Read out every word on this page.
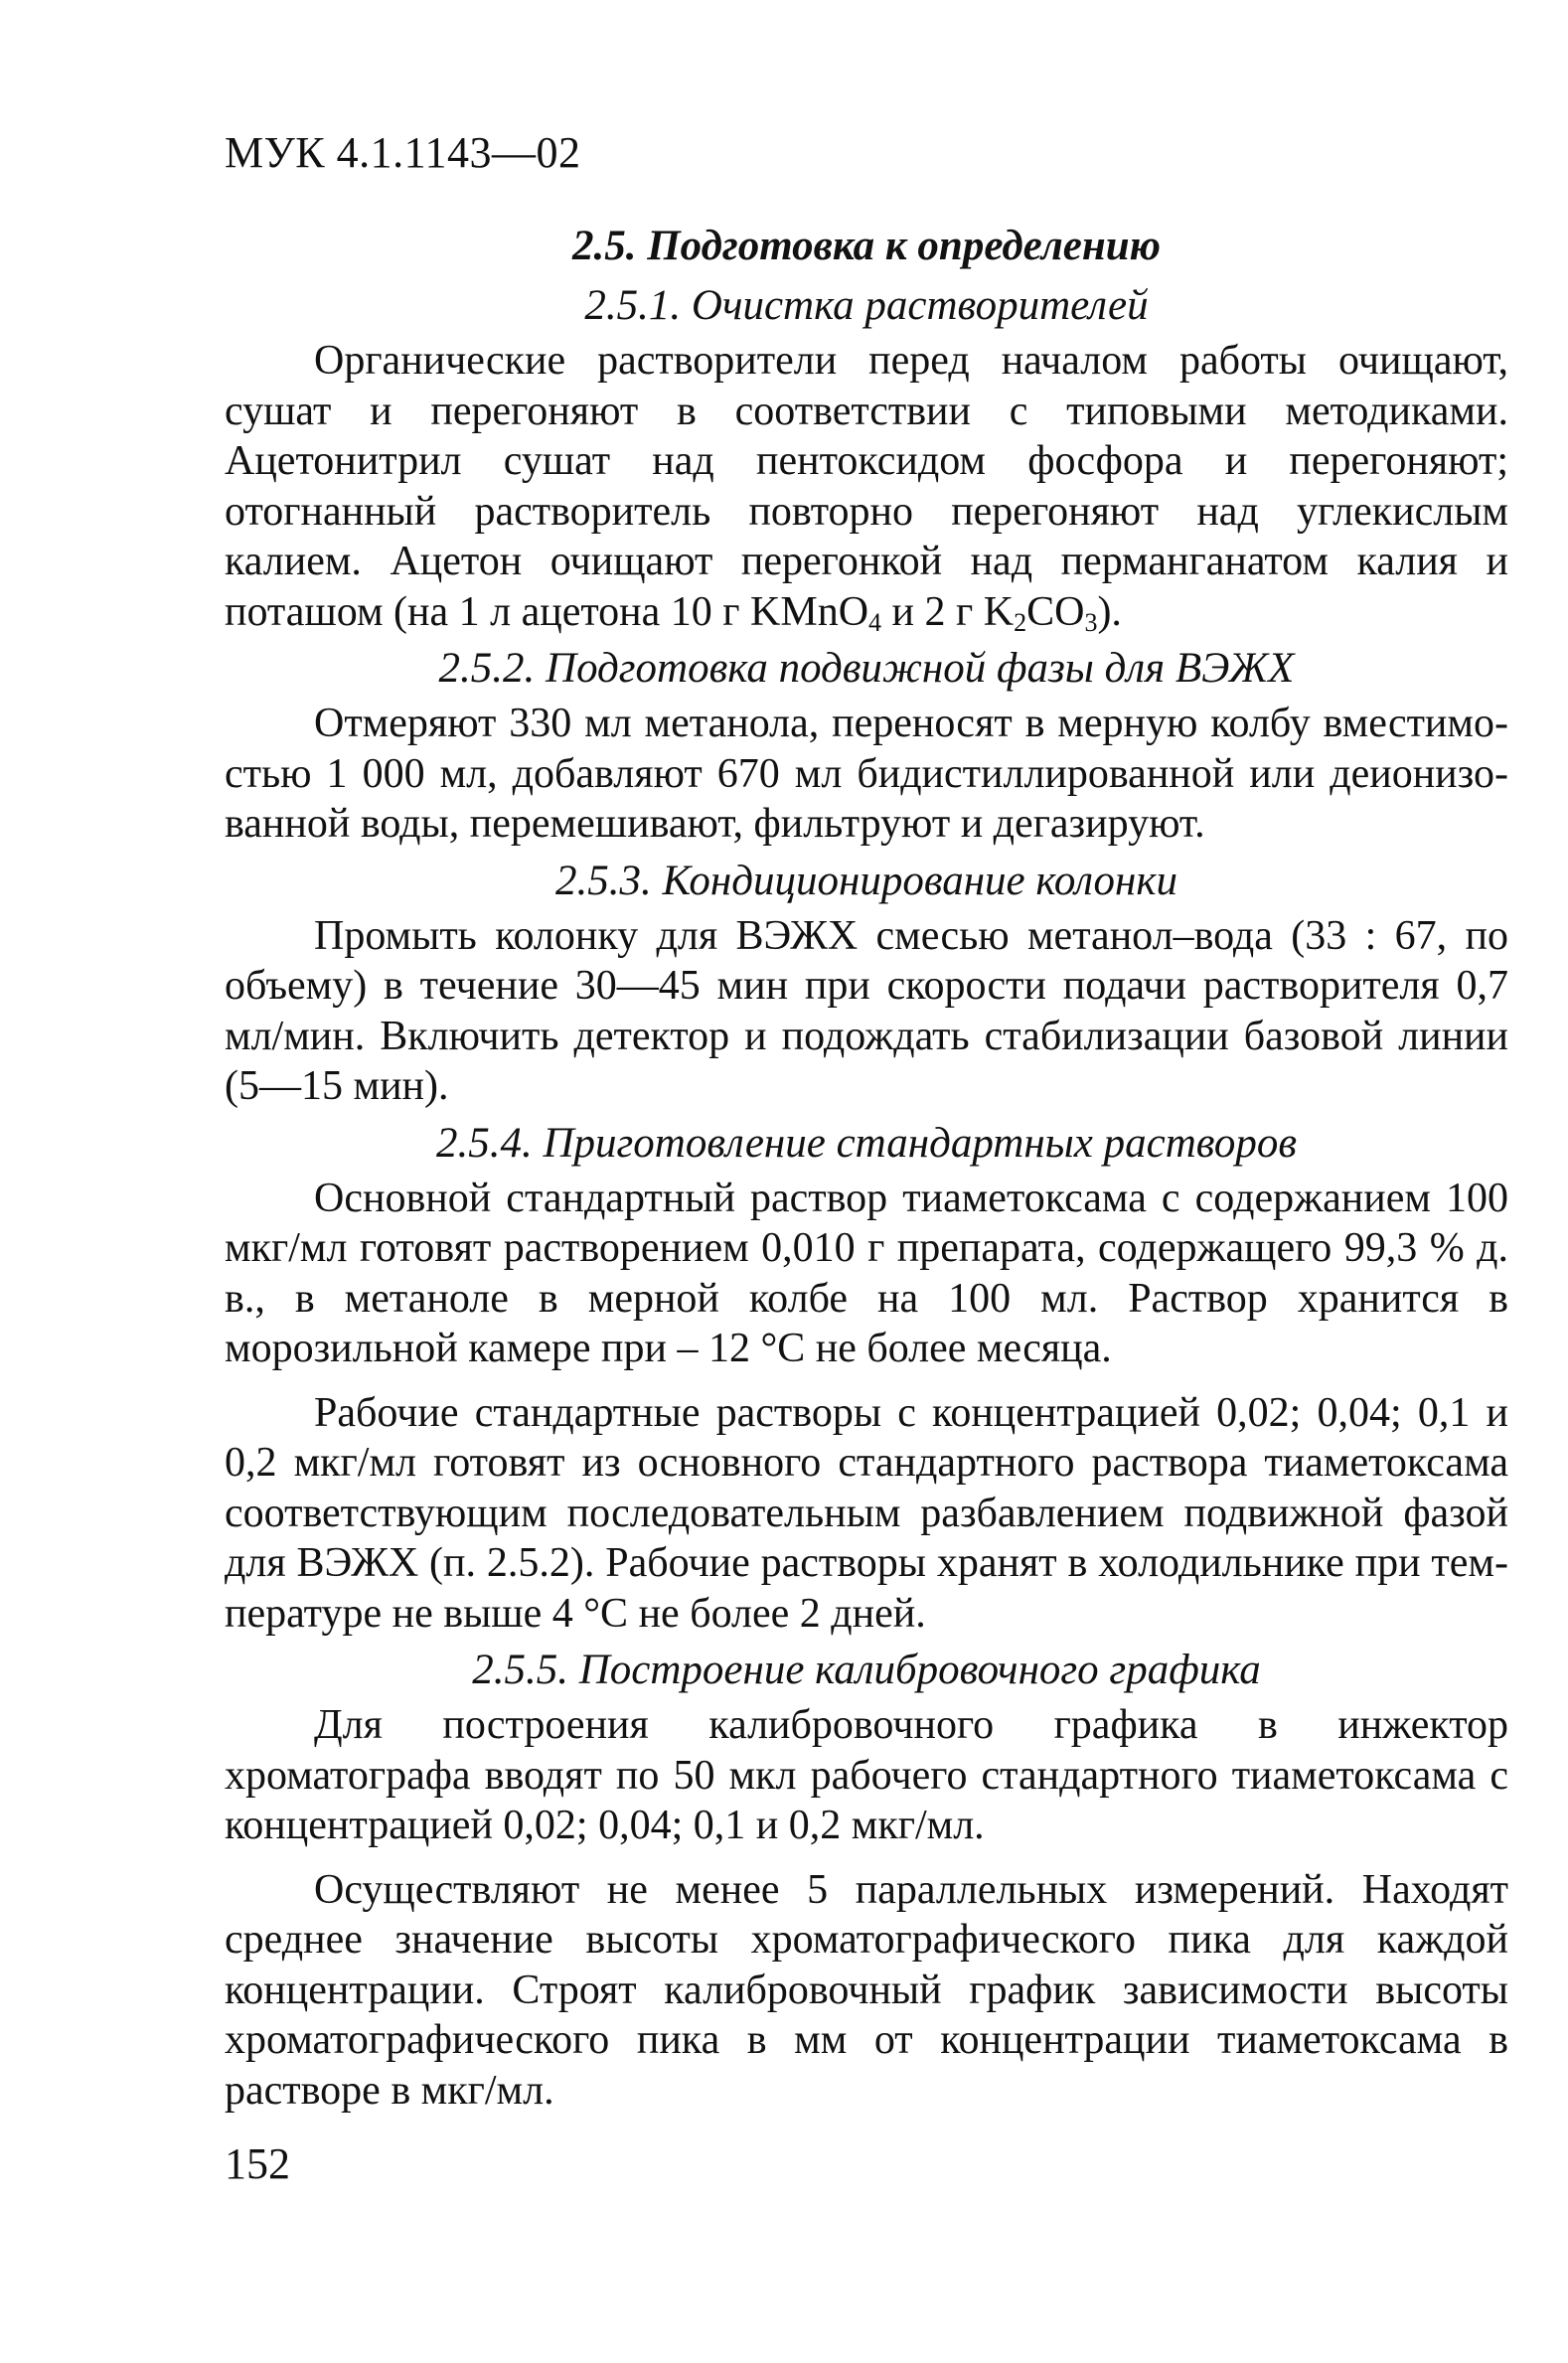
МУК 4.1.1143—02
2.5. Подготовка к определению
2.5.1. Очистка растворителей

Органические растворители перед началом работы очищают, сушат и перегоняют в соответствии с типовыми методиками. Ацетонитрил сушат над пентоксидом фосфора и перегоняют; отогнанный растворитель повторно перегоняют над углекислым калием. Ацетон очищают перегонкой над перманганатом калия и поташом (на 1 л ацетона 10 г KMnO$_4$ и 2 г $K_2CO_3$).

2.5.2. Подготовка подвижной фазы для ВЭЖХ

Отмеряют 330 мл метанола, переносят в мерную колбу вместимостью 1 000 мл, добавляют 670 мл бидистиллированной или деионизованной воды, перемешивают, фильтруют и дегазируют.

2.5.3. Кондиционирование колонки

Промыть колонку для ВЭЖХ смесью метанол–вода (33 : 67, по объему) в течение 30—45 мин при скорости подачи растворителя 0,7 мл/мин. Включить детектор и подождать стабилизации базовой линии (5—15 мин).

2.5.4. Приготовление стандартных растворов

Основной стандартный раствор тиаметоксама с содержанием 100 мкг/мл готовят растворением 0,010 г препарата, содержащего 99,3 % д. в., в метаноле в мерной колбе на 100 мл. Раствор хранится в морозильной камере при – 12 °С не более месяца.

Рабочие стандартные растворы с концентрацией 0,02; 0,04; 0,1 и 0,2 мкг/мл готовят из основного стандартного раствора тиаметоксама соответствующим последовательным разбавлением подвижной фазой для ВЭЖХ (п. 2.5.2). Рабочие растворы хранят в холодильнике при температуре не выше 4 °С не более 2 дней.

2.5.5. Построение калибровочного графика

Для построения калибровочного графика в инжектор хроматографа вводят по 50 мкл рабочего стандартного тиаметоксама с концентрацией 0,02; 0,04; 0,1 и 0,2 мкг/мл.

Осуществляют не менее 5 параллельных измерений. Находят среднее значение высоты хроматографического пика для каждой концентрации. Строят калибровочный график зависимости высоты хроматографического пика в мм от концентрации тиаметоксама в растворе в мкг/мл.

152
